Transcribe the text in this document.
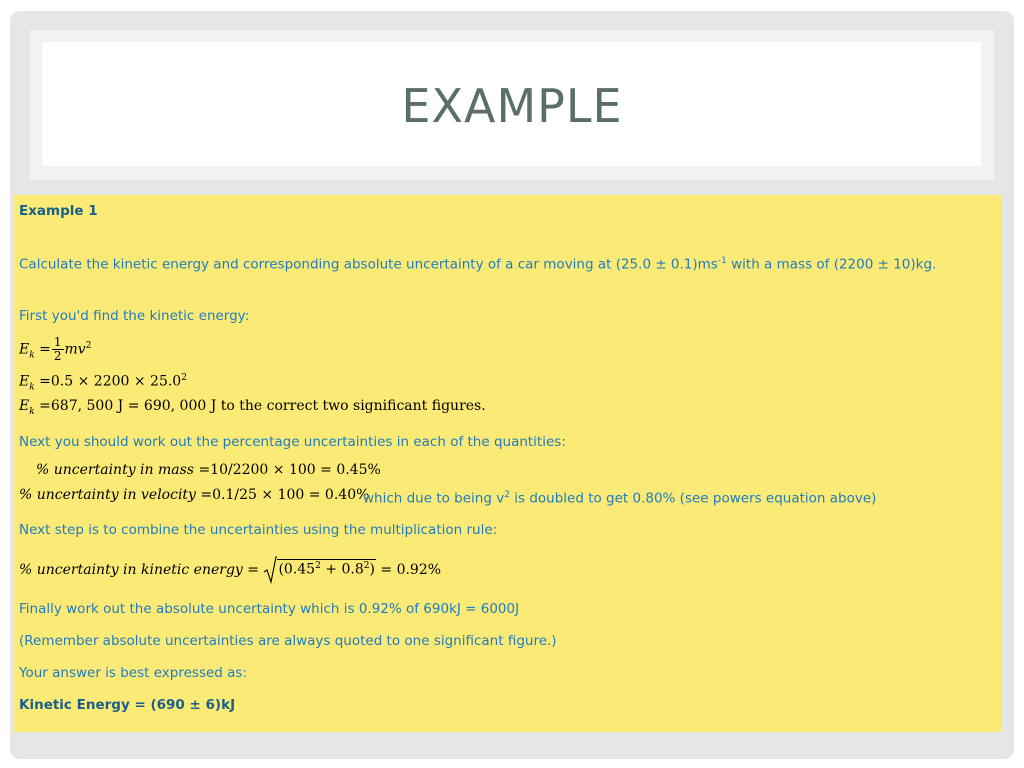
EXAMPLE
Example 1
Calculate the kinetic energy and corresponding absolute uncertainty of a car moving at $(25.0 \pm 0.1)ms^{-1}$ with a mass of (2200 ± 10)kg.
First you'd find the kinetic energy:
$E_k = \frac{1}{2} mv^2$
$E_k =0.5 \times 2200 \times 25.0^2$
$E_k =687$, 500 J = 690, 000 J to the correct two significant figures.
Next you should work out the percentage uncertainties in each of the quantities:
% uncertainty in mass =10/2200 × 100 = 0.45%
% uncertainty in velocity =0.1/25 × 100 = 0.40%
which due to being $v^2$ is doubled to get 0.80% (see powers equation above)
Next step is to combine the uncertainties using the multiplication rule:
% uncertainty in kinetic energy = $(0.45^2 + 0.8^2) = 0.92\%$
Finally work out the absolute uncertainty which is 0.92% of 690kJ = 6000J
(Remember absolute uncertainties are always quoted to one significant figure.)
Your answer is best expressed as:
Kinetic Energy = (690 ± 6)kJ
